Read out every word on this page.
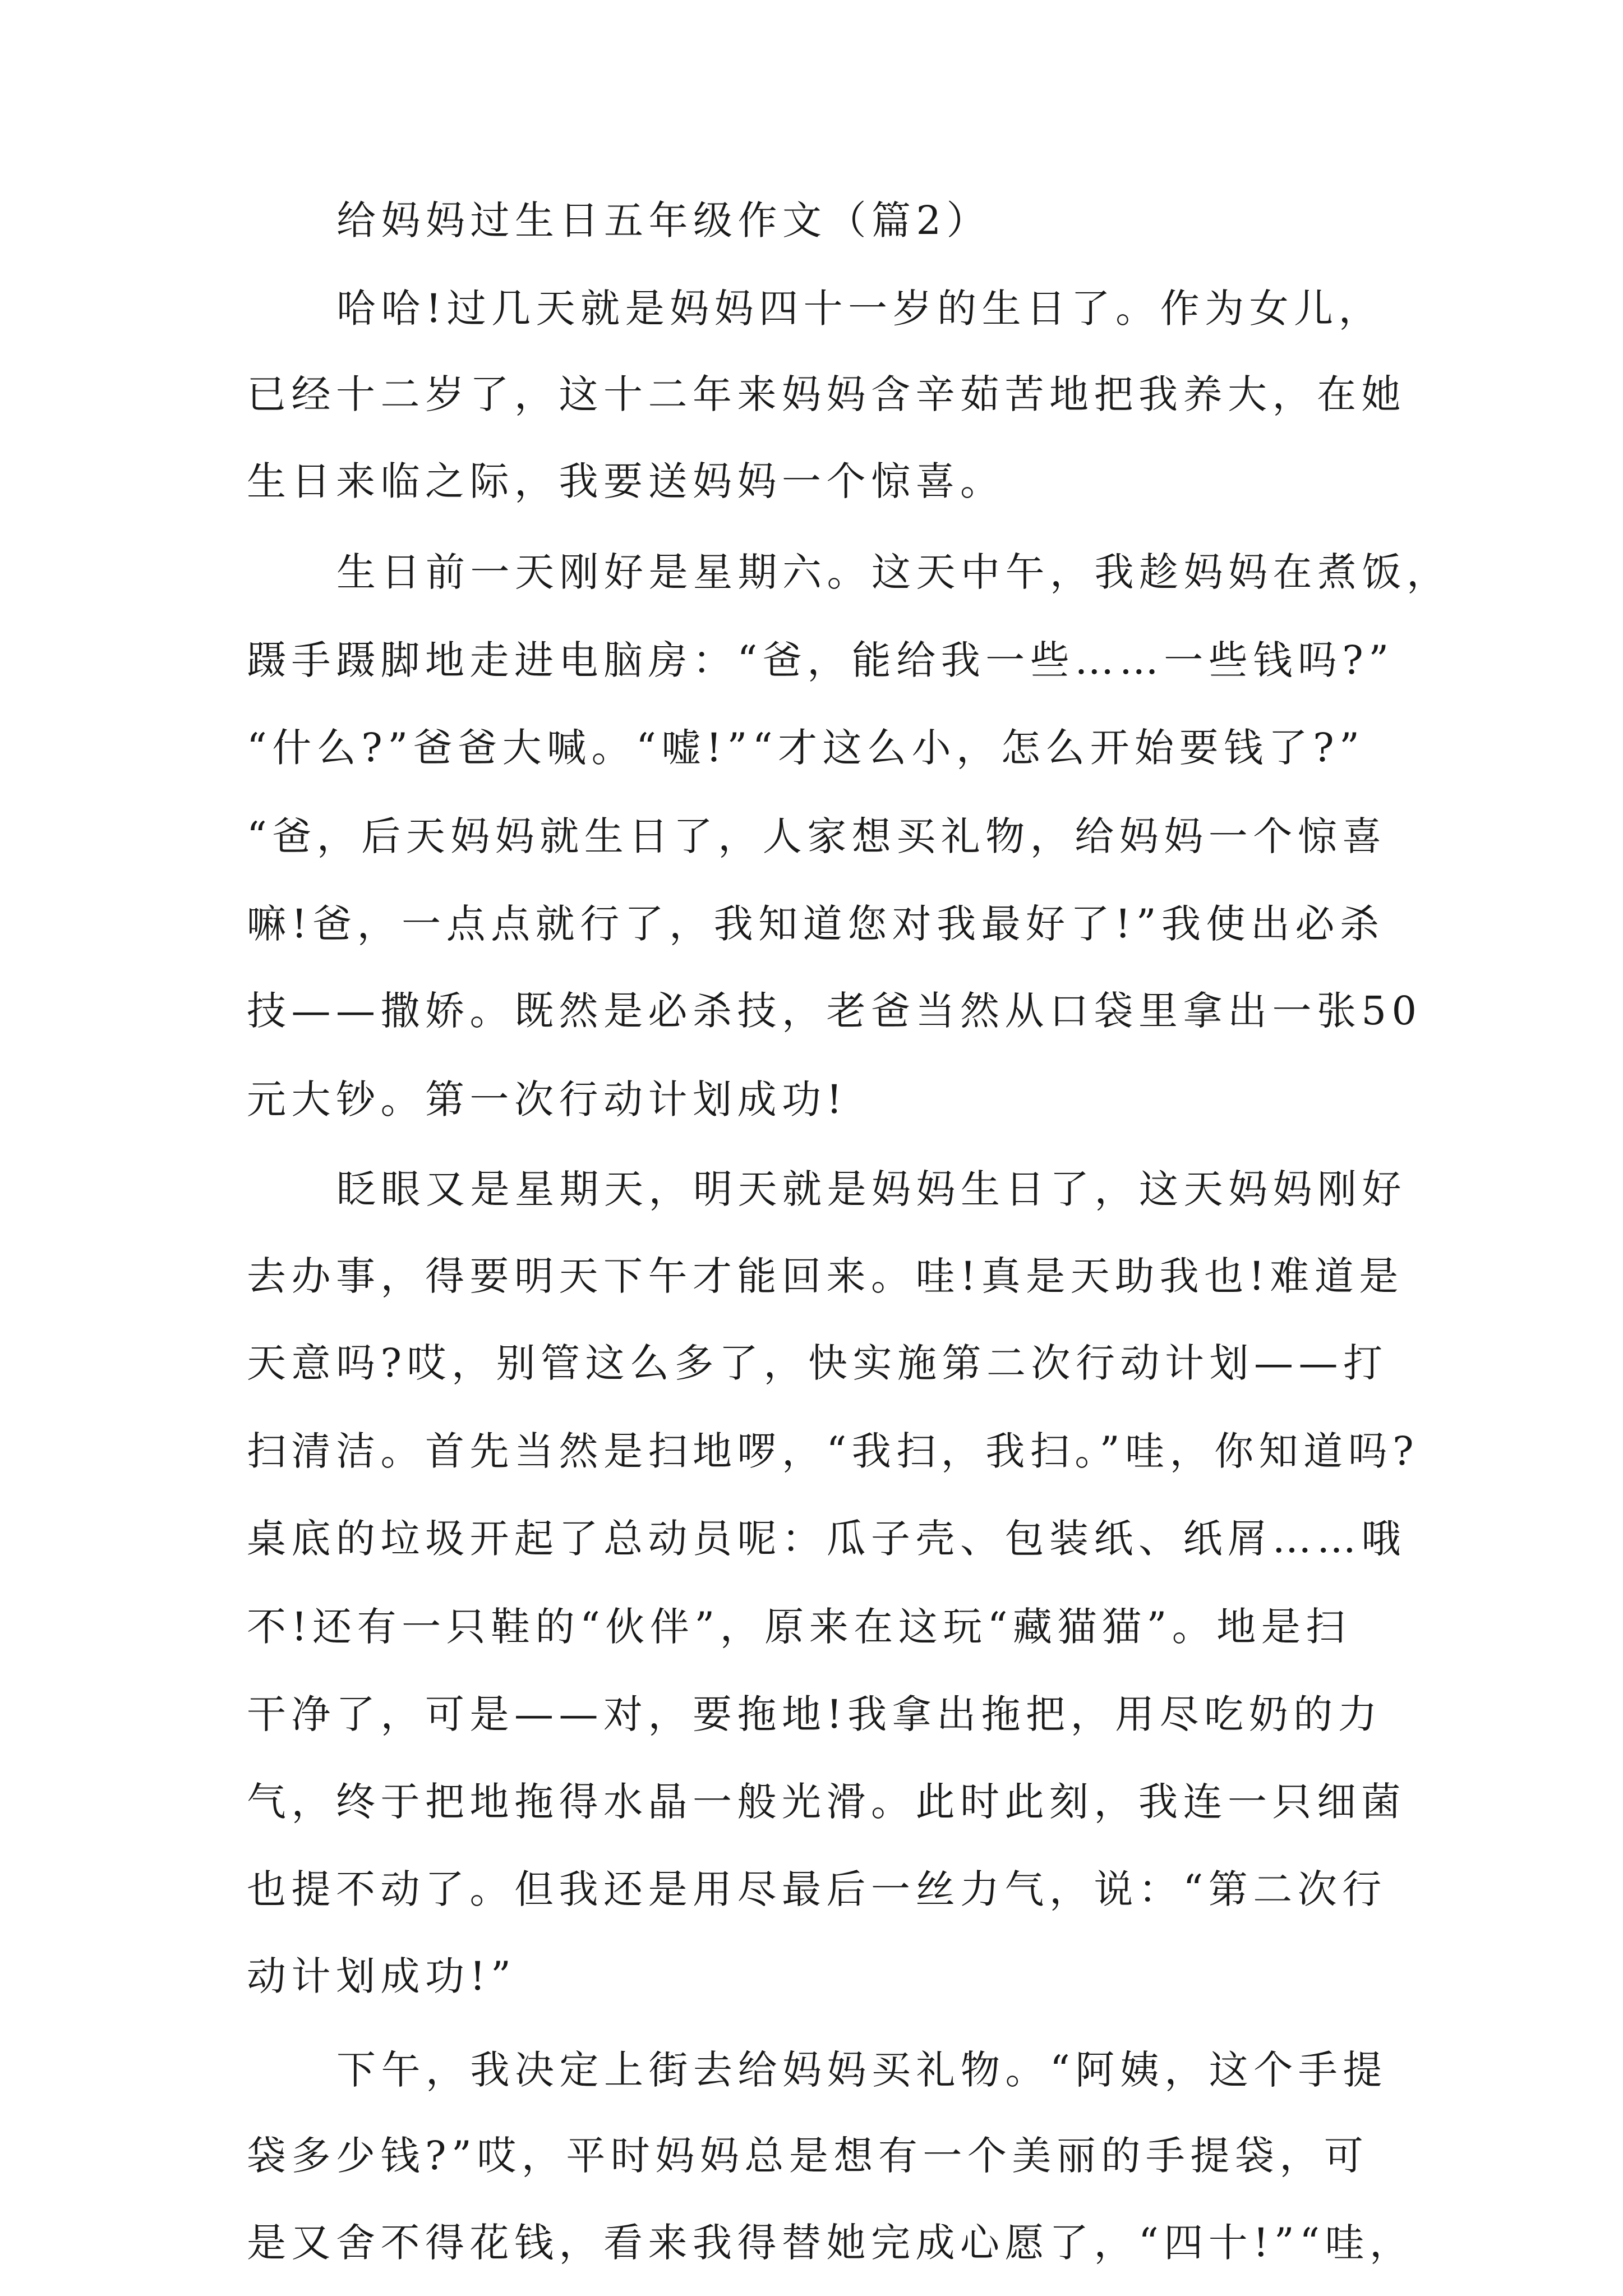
给妈妈过生日五年级作文（篇2）
哈哈!过几天就是妈妈四十一岁的生日了。作为女儿，
已经十二岁了，这十二年来妈妈含辛茹苦地把我养大，在她
生日来临之际，我要送妈妈一个惊喜。
生日前一天刚好是星期六。这天中午，我趁妈妈在煮饭，
蹑手蹑脚地走进电脑房：“爸，能给我一些……一些钱吗?”
“什么?”爸爸大喊。“嘘!”“才这么小，怎么开始要钱了?”
“爸，后天妈妈就生日了，人家想买礼物，给妈妈一个惊喜
嘛!爸，一点点就行了，我知道您对我最好了!”我使出必杀
技——撒娇。既然是必杀技，老爸当然从口袋里拿出一张50
元大钞。第一次行动计划成功!
眨眼又是星期天，明天就是妈妈生日了，这天妈妈刚好
去办事，得要明天下午才能回来。哇!真是天助我也!难道是
天意吗?哎，别管这么多了，快实施第二次行动计划——打
扫清洁。首先当然是扫地啰，“我扫，我扫。”哇，你知道吗?
桌底的垃圾开起了总动员呢：瓜子壳、包装纸、纸屑……哦
不!还有一只鞋的“伙伴”，原来在这玩“藏猫猫”。地是扫
干净了，可是——对，要拖地!我拿出拖把，用尽吃奶的力
气，终于把地拖得水晶一般光滑。此时此刻，我连一只细菌
也提不动了。但我还是用尽最后一丝力气，说：“第二次行
动计划成功!”
下午，我决定上街去给妈妈买礼物。“阿姨，这个手提
袋多少钱?”哎，平时妈妈总是想有一个美丽的手提袋，可
是又舍不得花钱，看来我得替她完成心愿了，“四十!”“哇，
